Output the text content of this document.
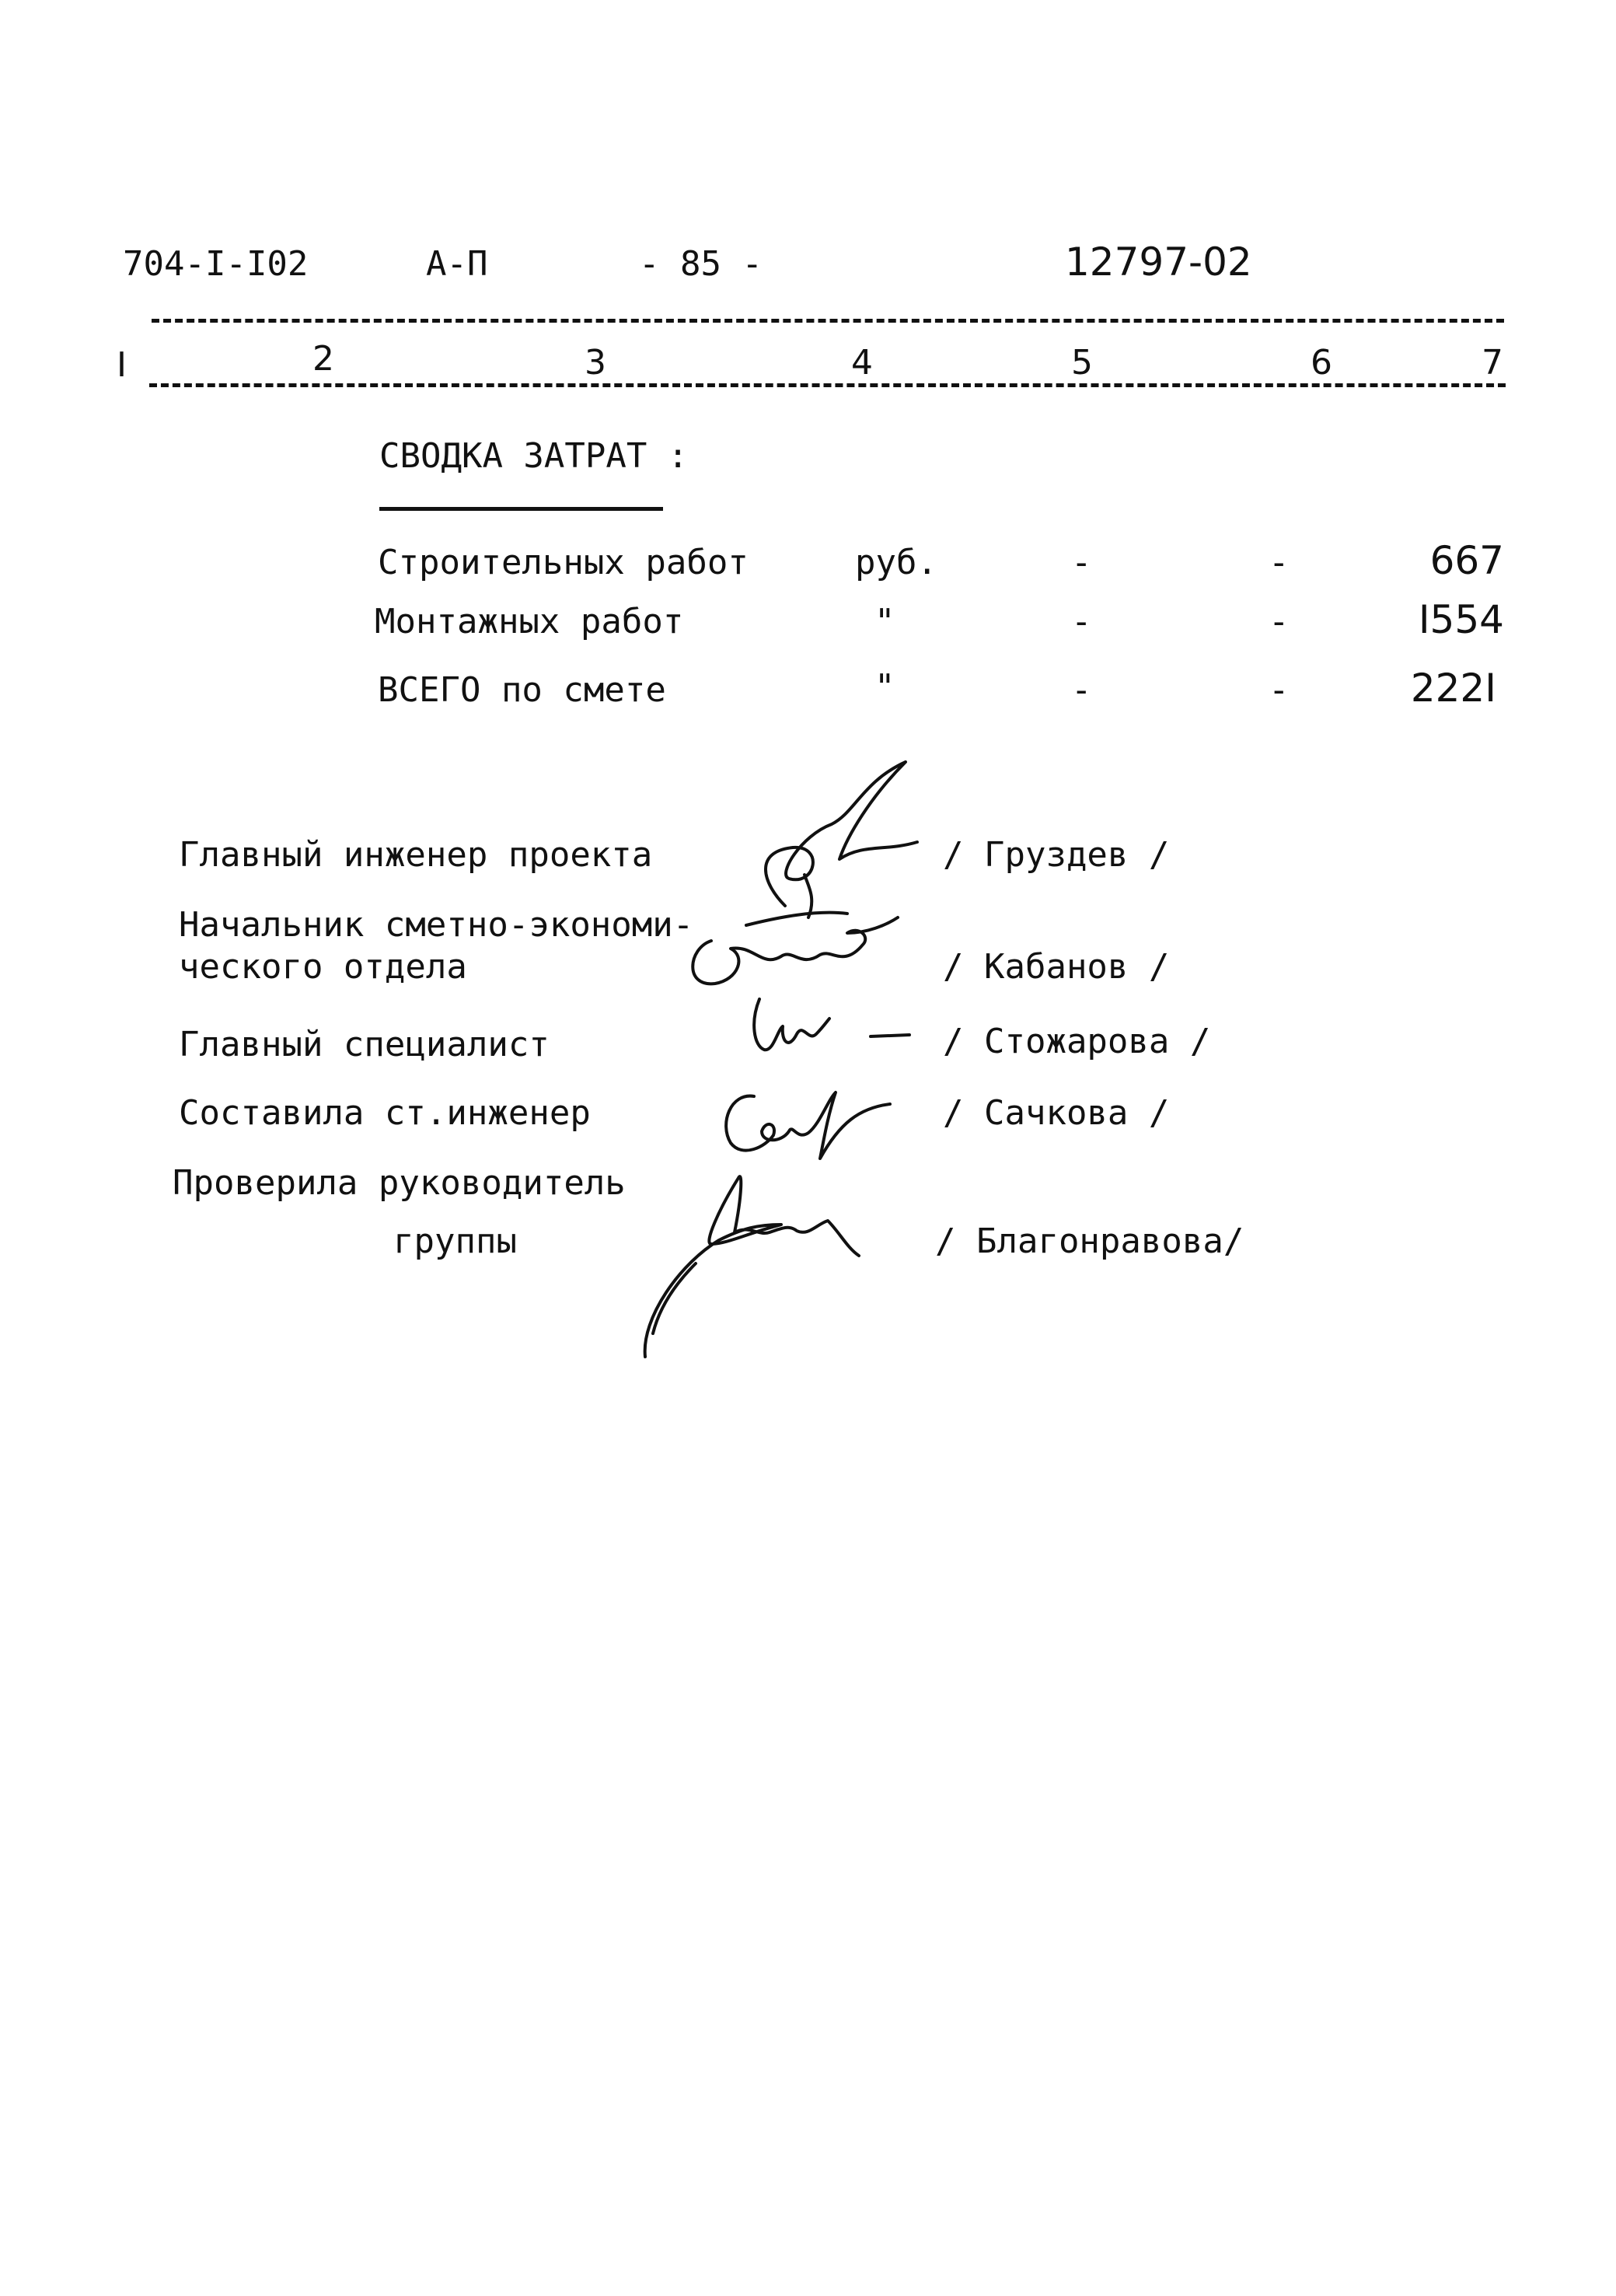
704-I-I02	А-П	- 85 -	12797-02
I	2	3	4	5	6	7
СВОДКА ЗАТРАТ :
Строительных работ	руб.	-	-	667
Монтажных работ	"	-	-	I554
ВСЕГО по смете	"	-	-	222I
Главный инженер проекта	/ Груздев /
Начальник сметно-экономи-
ческого отдела	/ Кабанов /
Главный специалист	/ Стожарова /
Составила ст.инженер	/ Сачкова /
Проверила руководитель
группы	/ Благонравова/
